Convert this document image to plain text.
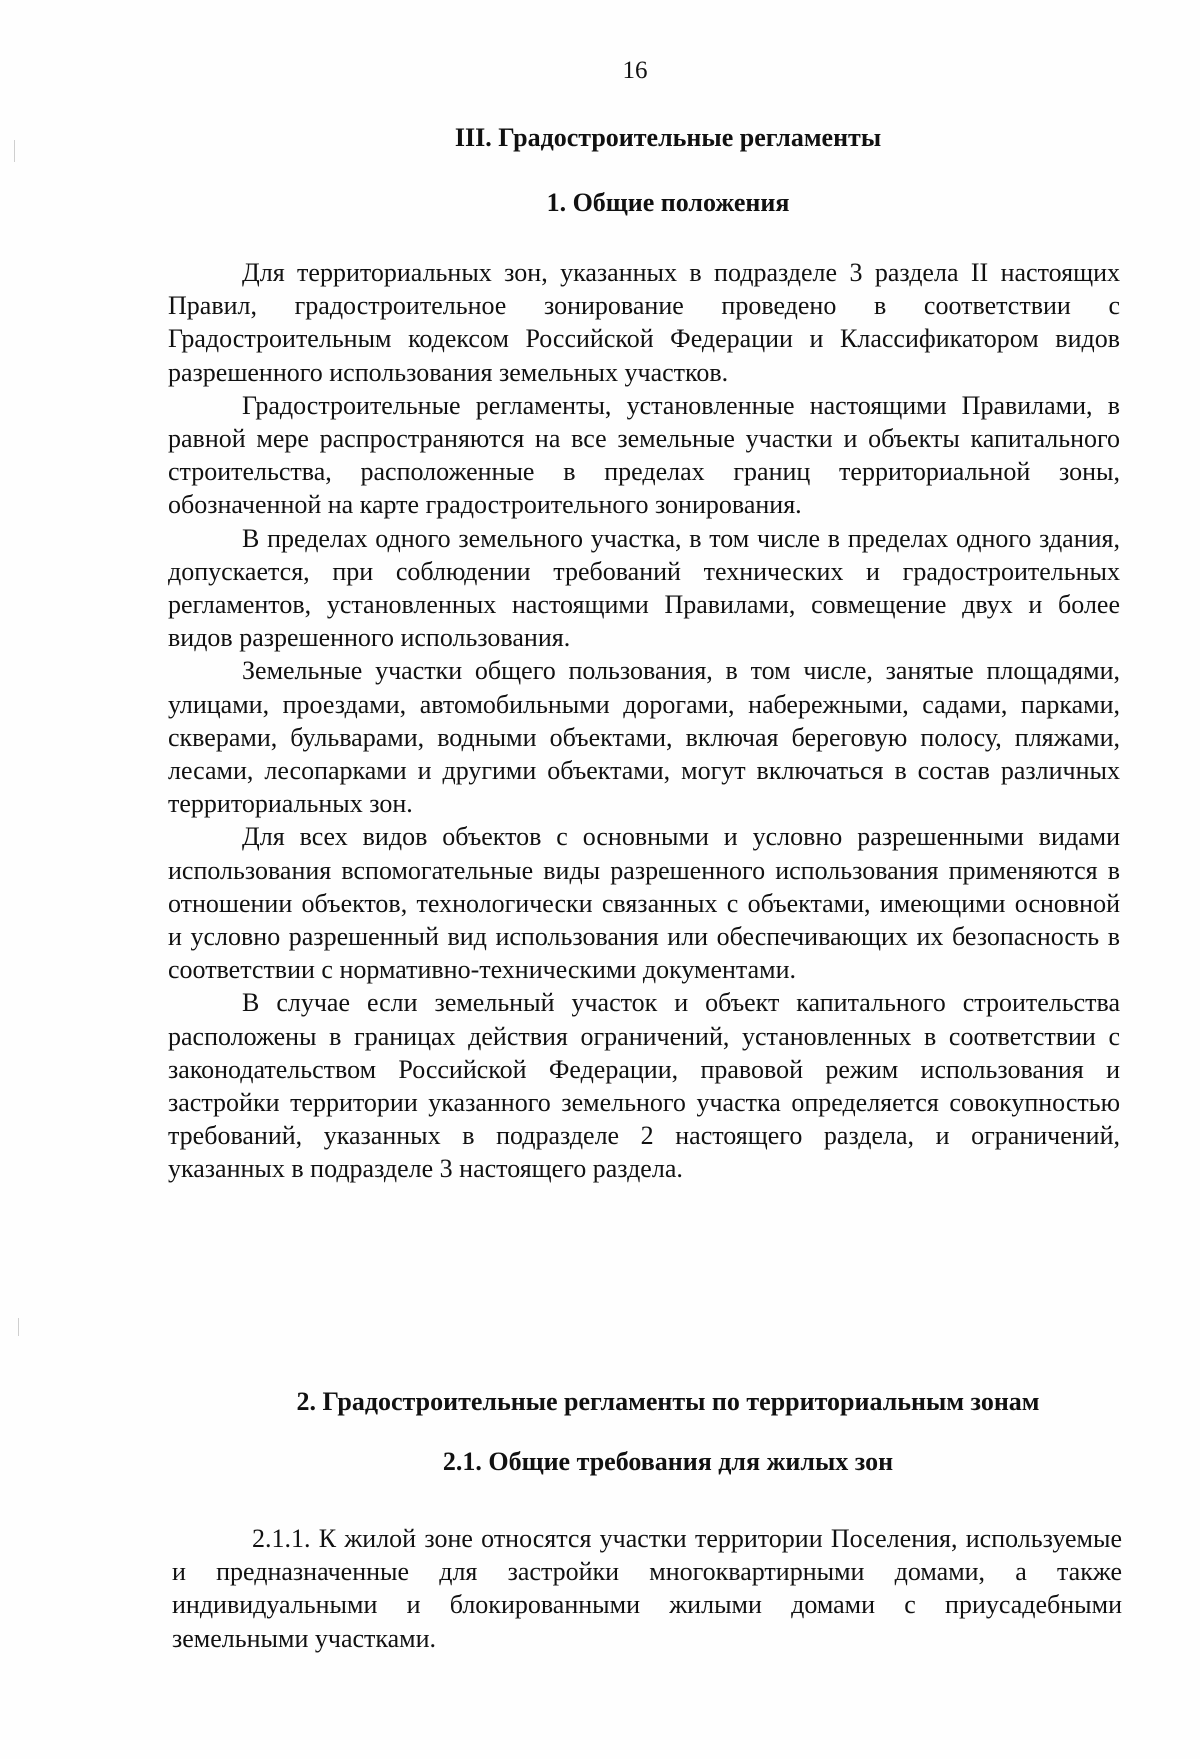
16
III. Градостроительные регламенты
1. Общие положения

Для территориальных зон, указанных в подразделе 3 раздела II настоящих Правил, градостроительное зонирование проведено в соответствии с Градостроительным кодексом Российской Федерации и Классификатором видов разрешенного использования земельных участков.

Градостроительные регламенты, установленные настоящими Правилами, в равной мере распространяются на все земельные участки и объекты капитального строительства, расположенные в пределах границ территориальной зоны, обозначенной на карте градостроительного зонирования.

В пределах одного земельного участка, в том числе в пределах одного здания, допускается, при соблюдении требований технических и градостроительных регламентов, установленных настоящими Правилами, совмещение двух и более видов разрешенного использования.

Земельные участки общего пользования, в том числе, занятые площадями, улицами, проездами, автомобильными дорогами, набережными, садами, парками, скверами, бульварами, водными объектами, включая береговую полосу, пляжами, лесами, лесопарками и другими объектами, могут включаться в состав различных территориальных зон.

Для всех видов объектов с основными и условно разрешенными видами использования вспомогательные виды разрешенного использования применяются в отношении объектов, технологически связанных с объектами, имеющими основной и условно разрешенный вид использования или обеспечивающих их безопасность в соответствии с нормативно-техническими документами.

В случае если земельный участок и объект капитального строительства расположены в границах действия ограничений, установленных в соответствии с законодательством Российской Федерации, правовой режим использования и застройки территории указанного земельного участка определяется совокупностью требований, указанных в подразделе 2 настоящего раздела, и ограничений, указанных в подразделе 3 настоящего раздела.

2. Градостроительные регламенты по территориальным зонам
2.1. Общие требования для жилых зон

2.1.1. К жилой зоне относятся участки территории Поселения, используемые и предназначенные для застройки многоквартирными домами, а также индивидуальными и блокированными жилыми домами с приусадебными земельными участками.
